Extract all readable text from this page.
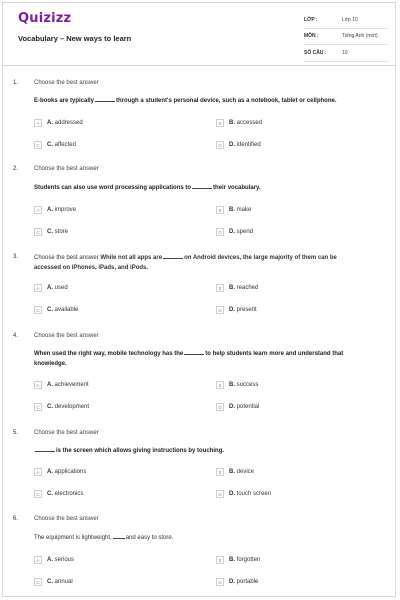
Quizizz
Vocabulary – New ways to learn
LỚP :	Lớp 10
MÔN :	Tiếng Anh (mới)
SỐ CÂU :	10
1.	Choose the best answer
E-books are typically	through a student's personal device, such as a notebook, tablet or cellphone.
A	A. addressed	B	B. accessed
C	C. affected	D	D. identified
2.	Choose the best answer
Students can also use word processing applications to	their vocabulary.
A	A. improve	B	B. make
C	C. store	D	D. spend
3.	Choose the best answer While not all apps are	on Android devices, the large majority of them can be
accessed on iPhones, iPads, and iPods.
A	A. used	B	B. reached
C	C. available	D	D. present
4.	Choose the best answer
When used the right way, mobile technology has the	to help students learn more and understand that
knowledge.
A	A. achievement	B	B. success
C	C. development	D	D. potential
5.	Choose the best answer
is the screen which allows giving instructions by touching.
A	A. applications	B	B. device
C	C. electronics	D	D. touch screen
6.	Choose the best answer
The equipment is lightweight, and easy to store.
A	A. serious	B	B. forgotten
C	C. annual	D	D. portable
